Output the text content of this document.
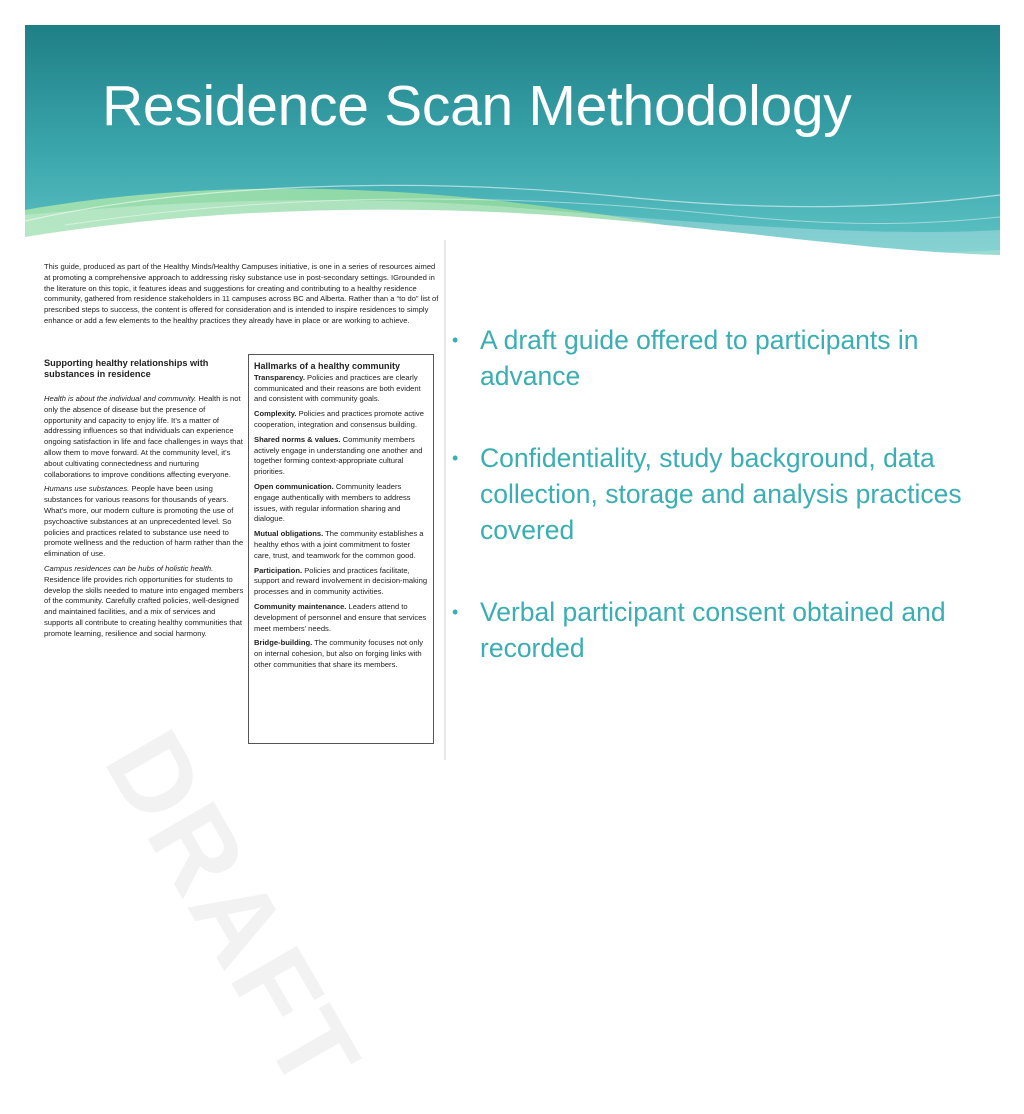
Residence Scan Methodology

This guide, produced as part of the Healthy Minds/Healthy Campuses initiative, is one in a series of resources aimed at promoting a comprehensive approach to addressing risky substance use in post-secondary settings. IGrounded in the literature on this topic, it features ideas and suggestions for creating and contributing to a healthy residence community, gathered from residence stakeholders in 11 campuses across BC and Alberta. Rather than a “to do” list of prescribed steps to success, the content is offered for consideration and is intended to inspire residences to simply enhance or add a few elements to the healthy practices they already have in place or are working to achieve.

Supporting healthy relationships with substances in residence

Health is about the individual and community. Health is not only the absence of disease but the presence of opportunity and capacity to enjoy life. It’s a matter of addressing influences so that individuals can experience ongoing satisfaction in life and face challenges in ways that allow them to move forward. At the community level, it’s about cultivating connectedness and nurturing collaborations to improve conditions affecting everyone.

Humans use substances. People have been using substances for various reasons for thousands of years. What’s more, our modern culture is promoting the use of psychoactive substances at an unprecedented level. So policies and practices related to substance use need to promote wellness and the reduction of harm rather than the elimination of use.

Campus residences can be hubs of holistic health. Residence life provides rich opportunities for students to develop the skills needed to mature into engaged members of the community. Carefully crafted policies, well-designed and maintained facilities, and a mix of services and supports all contribute to creating healthy communities that promote learning, resilience and social harmony.

Hallmarks of a healthy community

Transparency. Policies and practices are clearly communicated and their reasons are both evident and consistent with community goals.

Complexity. Policies and practices promote active cooperation, integration and consensus building.

Shared norms & values. Community members actively engage in understanding one another and together forming context-appropriate cultural priorities.

Open communication. Community leaders engage authentically with members to address issues, with regular information sharing and dialogue.

Mutual obligations. The community establishes a healthy ethos with a joint commitment to foster care, trust, and teamwork for the common good.

Participation. Policies and practices facilitate, support and reward involvement in decision-making processes and in community activities.

Community maintenance. Leaders attend to development of personnel and ensure that services meet members’ needs.

Bridge-building. The community focuses not only on internal cohesion, but also on forging links with other communities that share its members.

DRAFT
• A draft guide offered to participants in advance
• Confidentiality, study background, data collection, storage and analysis practices covered
• Verbal participant consent obtained and recorded
